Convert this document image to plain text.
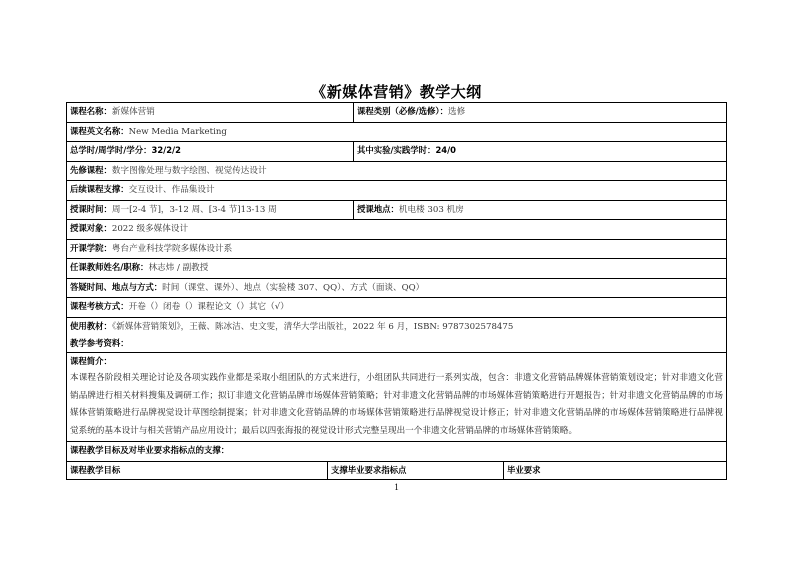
《新媒体营销》教学大纲
课程名称：新媒体营销	课程类别（必修/选修）：选修
课程英文名称：New Media Marketing
总学时/周学时/学分：32/2/2	其中实验/实践学时：24/0
先修课程：数字图像处理与数字绘图、视觉传达设计
后续课程支撑：交互设计、作品集设计
授课时间：周一[2-4 节]，3-12 周、[3-4 节]13-13 周	授课地点：机电楼 303 机房
授课对象：2022 级多媒体设计
开课学院：粤台产业科技学院多媒体设计系
任课教师姓名/职称：林志炜 / 副教授
答疑时间、地点与方式：时间（课堂、课外）、地点（实验楼 307、QQ）、方式（面谈、QQ）
课程考核方式：开卷（）闭卷（）课程论文（）其它（√）
使用教材：《新媒体营销策划》，王薇、陈冰洁、史文雯，清华大学出版社，2022 年 6 月，ISBN: 9787302578475
教学参考资料：
课程简介：
本课程各阶段相关理论讨论及各项实践作业都是采取小组团队的方式来进行，小组团队共同进行一系列实战，包含：非遗文化营销品牌媒体营销策划设定；针对非遗文化营销品牌进行相关材料搜集及调研工作；拟订非遗文化营销品牌市场媒体营销策略；针对非遗文化营销品牌的市场媒体营销策略进行开题报告；针对非遗文化营销品牌的市场媒体营销策略进行品牌视觉设计草图绘制提案；针对非遗文化营销品牌的市场媒体营销策略进行品牌视觉设计修正；针对非遗文化营销品牌的市场媒体营销策略进行品牌视觉系统的基本设计与相关营销产品应用设计；最后以四张海报的视觉设计形式完整呈现出一个非遗文化营销品牌的市场媒体营销策略。
课程教学目标及对毕业要求指标点的支撑：
课程教学目标	支撑毕业要求指标点	毕业要求
1
